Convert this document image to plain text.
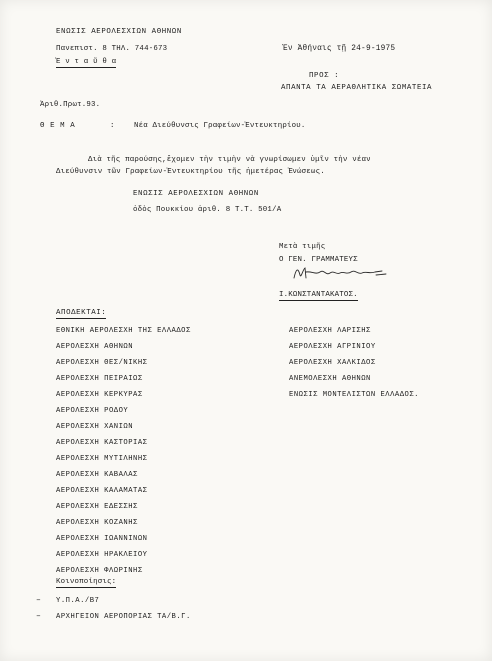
ΕΝΩΣΙΣ ΑΕΡΟΛΕΣΧΙΩΝ ΑΘΗΝΩΝ
Πανεπιστ. 8 ΤΗΛ. 744-673
Ἐ ν τ α ῦ θ α
Ἐν Ἀθήναις τῇ 24-9-1975
ΠΡΟΣ :
ΑΠΑΝΤΑ ΤΑ ΑΕΡΑΘΛΗΤΙΚΑ ΣΩΜΑΤΕΙΑ
Ἀριθ.Πρωτ.93.
Θ Ε Μ Α	:	Νέα Διεύθυνσις Γραφείων-Ἐντευκτηρίου.
Διὰ τῆς παρούσης,ἔχομεν τὴν τιμὴν νὰ γνωρίσωμεν ὑμῖν τὴν νέαν
Διεύθυνσιν τῶν Γραφείων-Ἐντευκτηρίου τῆς ἡμετέρας Ἑνώσεως.
ΕΝΩΣΙΣ ΑΕΡΟΛΕΣΧΙΩΝ ΑΘΗΝΩΝ
ὁδὸς Πουκκίου ἀριθ. 8 Τ.Τ. 501/Α
Μετὰ τιμῆς
Ο ΓΕΝ. ΓΡΑΜΜΑΤΕΥΣ
Ι.ΚΩΝΣΤΑΝΤΑΚΑΤΟΣ.
ΑΠΟΔΕΚΤΑΙ:
ΕΘΝΙΚΗ ΑΕΡΟΛΕΣΧΗ ΤΗΣ ΕΛΛΑΔΟΣ
ΑΕΡΟΛΕΣΧΗ ΑΘΗΝΩΝ
ΑΕΡΟΛΕΣΧΗ ΘΕΣ/ΝΙΚΗΣ
ΑΕΡΟΛΕΣΧΗ ΠΕΙΡΑΙΩΣ
ΑΕΡΟΛΕΣΧΗ ΚΕΡΚΥΡΑΣ
ΑΕΡΟΛΕΣΧΗ ΡΟΔΟΥ
ΑΕΡΟΛΕΣΧΗ ΧΑΝΙΩΝ
ΑΕΡΟΛΕΣΧΗ ΚΑΣΤΟΡΙΑΣ
ΑΕΡΟΛΕΣΧΗ ΜΥΤΙΛΗΝΗΣ
ΑΕΡΟΛΕΣΧΗ ΚΑΒΑΛΑΣ
ΑΕΡΟΛΕΣΧΗ ΚΑΛΑΜΑΤΑΣ
ΑΕΡΟΛΕΣΧΗ ΕΔΕΣΣΗΣ
ΑΕΡΟΛΕΣΧΗ ΚΟΖΑΝΗΣ
ΑΕΡΟΛΕΣΧΗ ΙΩΑΝΝΙΝΩΝ
ΑΕΡΟΛΕΣΧΗ ΗΡΑΚΛΕΙΟΥ
ΑΕΡΟΛΕΣΧΗ ΦΛΩΡΙΝΗΣ
ΑΕΡΟΛΕΣΧΗ ΛΑΡΙΣΗΣ
ΑΕΡΟΛΕΣΧΗ ΑΓΡΙΝΙΟΥ
ΑΕΡΟΛΕΣΧΗ ΧΑΛΚΙΔΟΣ
ΑΝΕΜΟΛΕΣΧΗ ΑΘΗΝΩΝ
ΕΝΩΣΙΣ ΜΟΝΤΕΛΙΣΤΩΝ ΕΛΛΑΔΟΣ.
Κοινοποίησις:
– Υ.Π.Α./Β7
– ΑΡΧΗΓΕΙΟΝ ΑΕΡΟΠΟΡΙΑΣ ΤΑ/Β.Γ.
